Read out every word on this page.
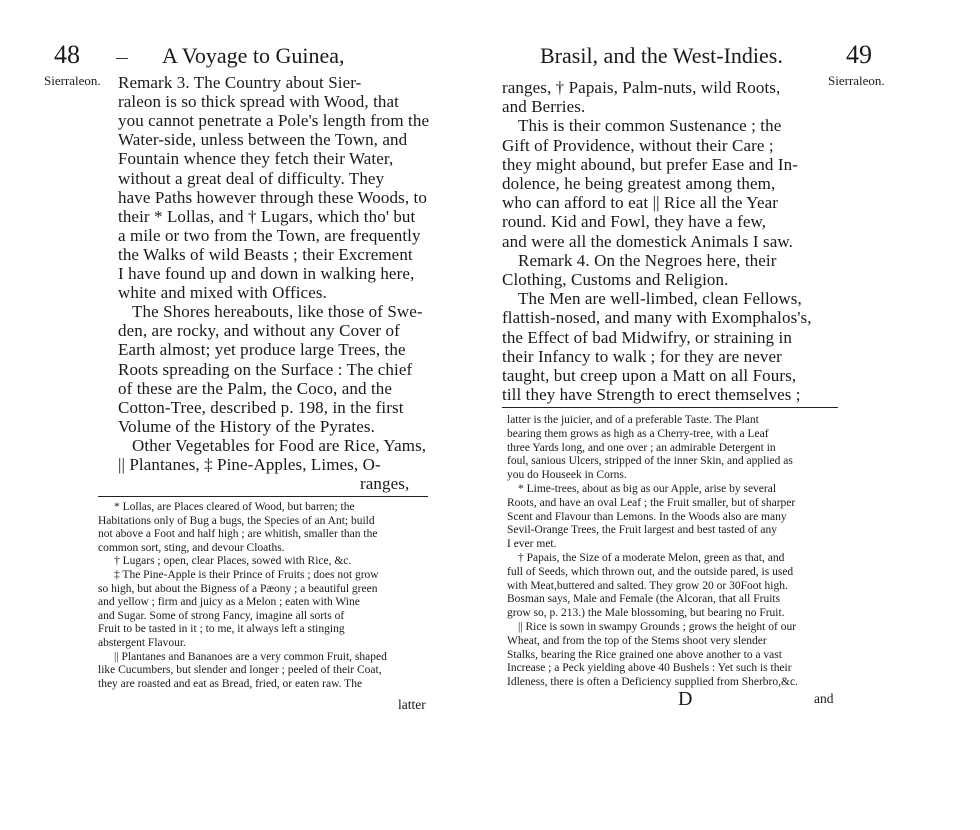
48	A Voyage to Guinea,
Sierraleon. Remark 3. The Country about Sier-
raleon is so thick spread with Wood, that
you cannot penetrate a Pole's length from the
Water-side, unless between the Town, and
Fountain whence they fetch their Water,
without a great deal of difficulty. They
have Paths however through these Woods, to
their * Lollas, and † Lugars, which tho' but
a mile or two from the Town, are frequently
the Walks of wild Beasts ; their Excrement
I have found up and down in walking here,
white and mixed with Offices.
The Shores hereabouts, like those of Swe-
den, are rocky, and without any Cover of
Earth almost; yet produce large Trees, the
Roots spreading on the Surface : The chief
of these are the Palm, the Coco, and the
Cotton-Tree, described p. 198, in the first
Volume of the History of the Pyrates.
Other Vegetables for Food are Rice, Yams,
|| Plantanes, ‡ Pine-Apples, Limes, O-
ranges,
* Lollas, are Places cleared of Wood, but barren; the
Habitations only of Bug a bugs, the Species of an Ant; build
not above a Foot and half high ; are whitish, smaller than the
common sort, sting, and devour Cloaths.
† Lugars ; open, clear Places, sowed with Rice, &c.
‡ The Pine-Apple is their Prince of Fruits ; does not grow
so high, but about the Bigness of a Pæony ; a beautiful green
and yellow ; firm and juicy as a Melon ; eaten with Wine
and Sugar. Some of strong Fancy, imagine all sorts of
Fruit to be tasted in it ; to me, it always left a stinging
abstergent Flavour.
|| Plantanes and Bananoes are a very common Fruit, shaped
like Cucumbers, but slender and longer ; peeled of their Coat,
they are roasted and eat as Bread, fried, or eaten raw. The
latter
Brasil, and the West-Indies. 49
Sierraleon.
ranges, † Papais, Palm-nuts, wild Roots,
and Berries.
This is their common Sustenance ; the
Gift of Providence, without their Care ;
they might abound, but prefer Ease and In-
dolence, he being greatest among them,
who can afford to eat || Rice all the Year
round. Kid and Fowl, they have a few,
and were all the domestick Animals I saw.
Remark 4. On the Negroes here, their
Clothing, Customs and Religion.
The Men are well-limbed, clean Fellows,
flattish-nosed, and many with Exomphalos's,
the Effect of bad Midwifry, or straining in
their Infancy to walk ; for they are never
taught, but creep upon a Matt on all Fours,
till they have Strength to erect themselves ;
latter is the juicier, and of a preferable Taste. The Plant
bearing them grows as high as a Cherry-tree, with a Leaf
three Yards long, and one over ; an admirable Detergent in
foul, sanious Ulcers, stripped of the inner Skin, and applied as
you do Houseek in Corns.
* Lime-trees, about as big as our Apple, arise by several
Roots, and have an oval Leaf ; the Fruit smaller, but of sharper
Scent and Flavour than Lemons. In the Woods also are many
Sevil-Orange Trees, the Fruit largest and best tasted of any
I ever met.
† Papais, the Size of a moderate Melon, green as that, and
full of Seeds, which thrown out, and the outside pared, is used
with Meat,buttered and salted. They grow 20 or 30Foot high.
Bosman says, Male and Female (the Alcoran, that all Fruits
grow so, p. 213.) the Male blossoming, but bearing no Fruit.
|| Rice is sown in swampy Grounds ; grows the height of our
Wheat, and from the top of the Stems shoot very slender
Stalks, bearing the Rice grained one above another to a vast
Increase ; a Peck yielding above 40 Bushels : Yet such is their
Idleness, there is often a Deficiency supplied from Sherbro,&c.
D	and
